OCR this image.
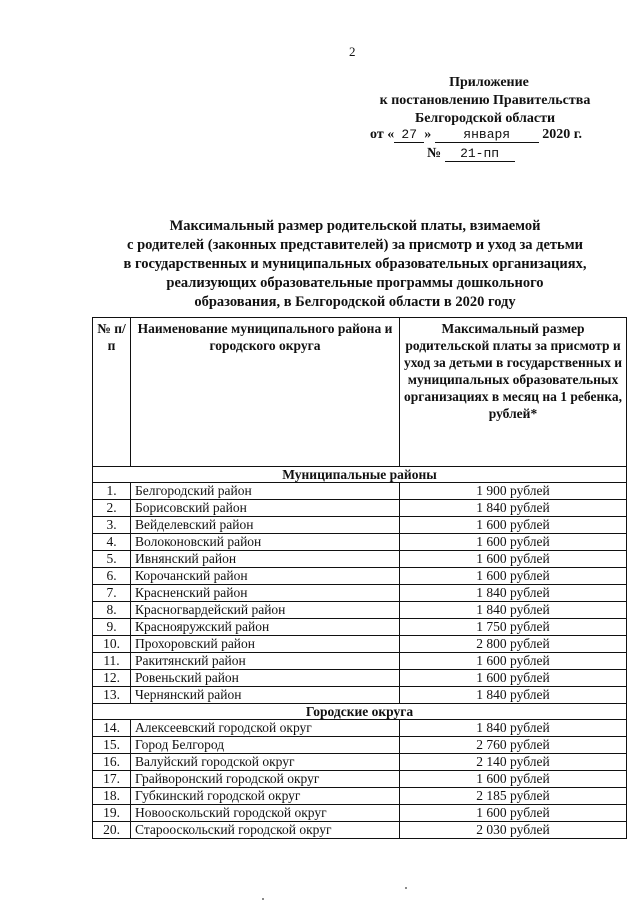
2
Приложение
к постановлению Правительства
Белгородской области
от « 27 » января 2020 г.
№ 21-пп
Максимальный размер родительской платы, взимаемой
с родителей (законных представителей) за присмотр и уход за детьми
в государственных и муниципальных образовательных организациях,
реализующих образовательные программы дошкольного
образования, в Белгородской области в 2020 году
№ п/п	Наименование муниципального района и городского округа	Максимальный размер родительской платы за присмотр и уход за детьми в государственных и муниципальных образовательных организациях в месяц на 1 ребенка, рублей*
Муниципальные районы		
1.	Белгородский район	1 900 рублей
2.	Борисовский район	1 840 рублей
3.	Вейделевский район	1 600 рублей
4.	Волоконовский район	1 600 рублей
5.	Ивнянский район	1 600 рублей
6.	Корочанский район	1 600 рублей
7.	Красненский район	1 840 рублей
8.	Красногвардейский район	1 840 рублей
9.	Краснояружский район	1 750 рублей
10.	Прохоровский район	2 800 рублей
11.	Ракитянский район	1 600 рублей
12.	Ровеньский район	1 600 рублей
13.	Чернянский район	1 840 рублей
Городские округа		
14.	Алексеевский городской округ	1 840 рублей
15.	Город Белгород	2 760 рублей
16.	Валуйский городской округ	2 140 рублей
17.	Грайворонский городской округ	1 600 рублей
18.	Губкинский городской округ	2 185 рублей
19.	Новооскольский городской округ	1 600 рублей
20.	Старооскольский городской округ	2 030 рублей
